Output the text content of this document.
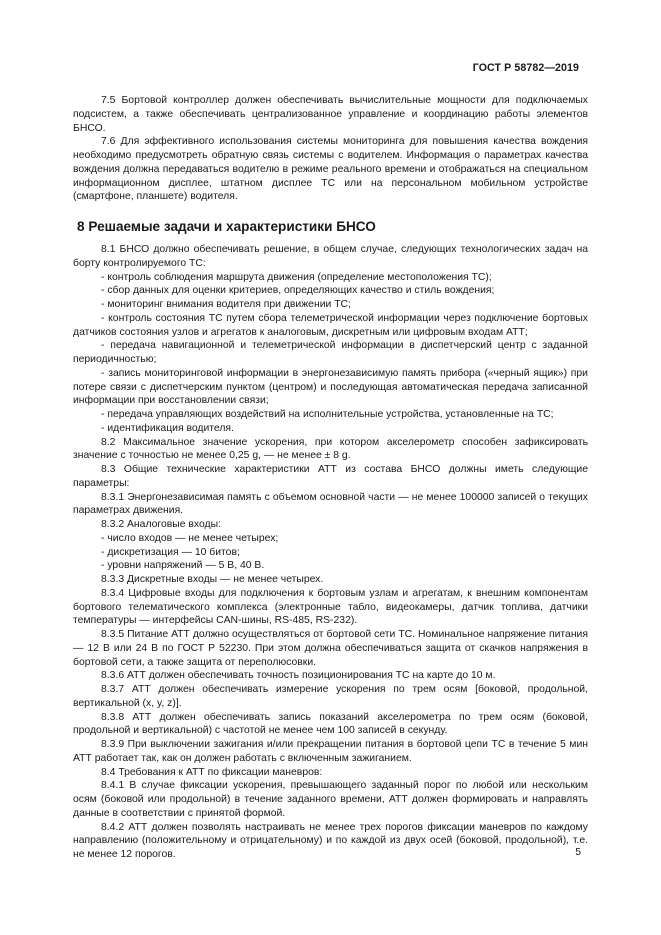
ГОСТ Р 58782—2019

7.5 Бортовой контроллер должен обеспечивать вычислительные мощности для подключаемых подсистем, а также обеспечивать централизованное управление и координацию работы элементов БНСО.

7.6 Для эффективного использования системы мониторинга для повышения качества вождения необходимо предусмотреть обратную связь системы с водителем. Информация о параметрах качества вождения должна передаваться водителю в режиме реального времени и отображаться на специальном информационном дисплее, штатном дисплее ТС или на персональном мобильном устройстве (смартфоне, планшете) водителя.

8 Решаемые задачи и характеристики БНСО

8.1 БНСО должно обеспечивать решение, в общем случае, следующих технологических задач на борту контролируемого ТС:

- контроль соблюдения маршрута движения (определение местоположения ТС);

- сбор данных для оценки критериев, определяющих качество и стиль вождения;

- мониторинг внимания водителя при движении ТС;

- контроль состояния ТС путем сбора телеметрической информации через подключение бортовых датчиков состояния узлов и агрегатов к аналоговым, дискретным или цифровым входам АТТ;

- передача навигационной и телеметрической информации в диспетчерский центр с заданной периодичностью;

- запись мониторинговой информации в энергонезависимую память прибора («черный ящик») при потере связи с диспетчерским пунктом (центром) и последующая автоматическая передача записанной информации при восстановлении связи;

- передача управляющих воздействий на исполнительные устройства, установленные на ТС;

- идентификация водителя.

8.2 Максимальное значение ускорения, при котором акселерометр способен зафиксировать значение с точностью не менее 0,25 g, — не менее ± 8 g.

8.3 Общие технические характеристики АТТ из состава БНСО должны иметь следующие параметры:

8.3.1 Энергонезависимая память с объемом основной части — не менее 100000 записей о текущих параметрах движения.

8.3.2 Аналоговые входы:

- число входов — не менее четырех;

- дискретизация — 10 битов;

- уровни напряжений — 5 В, 40 В.

8.3.3 Дискретные входы — не менее четырех.

8.3.4 Цифровые входы для подключения к бортовым узлам и агрегатам, к внешним компонентам бортового телематического комплекса (электронные табло, видеокамеры, датчик топлива, датчики температуры — интерфейсы CAN-шины, RS-485, RS-232).

8.3.5 Питание АТТ должно осуществляться от бортовой сети ТС. Номинальное напряжение питания — 12 В или 24 В по ГОСТ Р 52230. При этом должна обеспечиваться защита от скачков напряжения в бортовой сети, а также защита от переполюсовки.

8.3.6 АТТ должен обеспечивать точность позиционирования ТС на карте до 10 м.

8.3.7 АТТ должен обеспечивать измерение ускорения по трем осям [боковой, продольной, вертикальной (x, y, z)].

8.3.8 АТТ должен обеспечивать запись показаний акселерометра по трем осям (боковой, продольной и вертикальной) с частотой не менее чем 100 записей в секунду.

8.3.9 При выключении зажигания и/или прекращении питания в бортовой цепи ТС в течение 5 мин АТТ работает так, как он должен работать с включенным зажиганием.

8.4 Требования к АТТ по фиксации маневров:

8.4.1 В случае фиксации ускорения, превышающего заданный порог по любой или нескольким осям (боковой или продольной) в течение заданного времени, АТТ должен формировать и направлять данные в соответствии с принятой формой.

8.4.2 АТТ должен позволять настраивать не менее трех порогов фиксации маневров по каждому направлению (положительному и отрицательному) и по каждой из двух осей (боковой, продольной), т.е. не менее 12 порогов.	5
